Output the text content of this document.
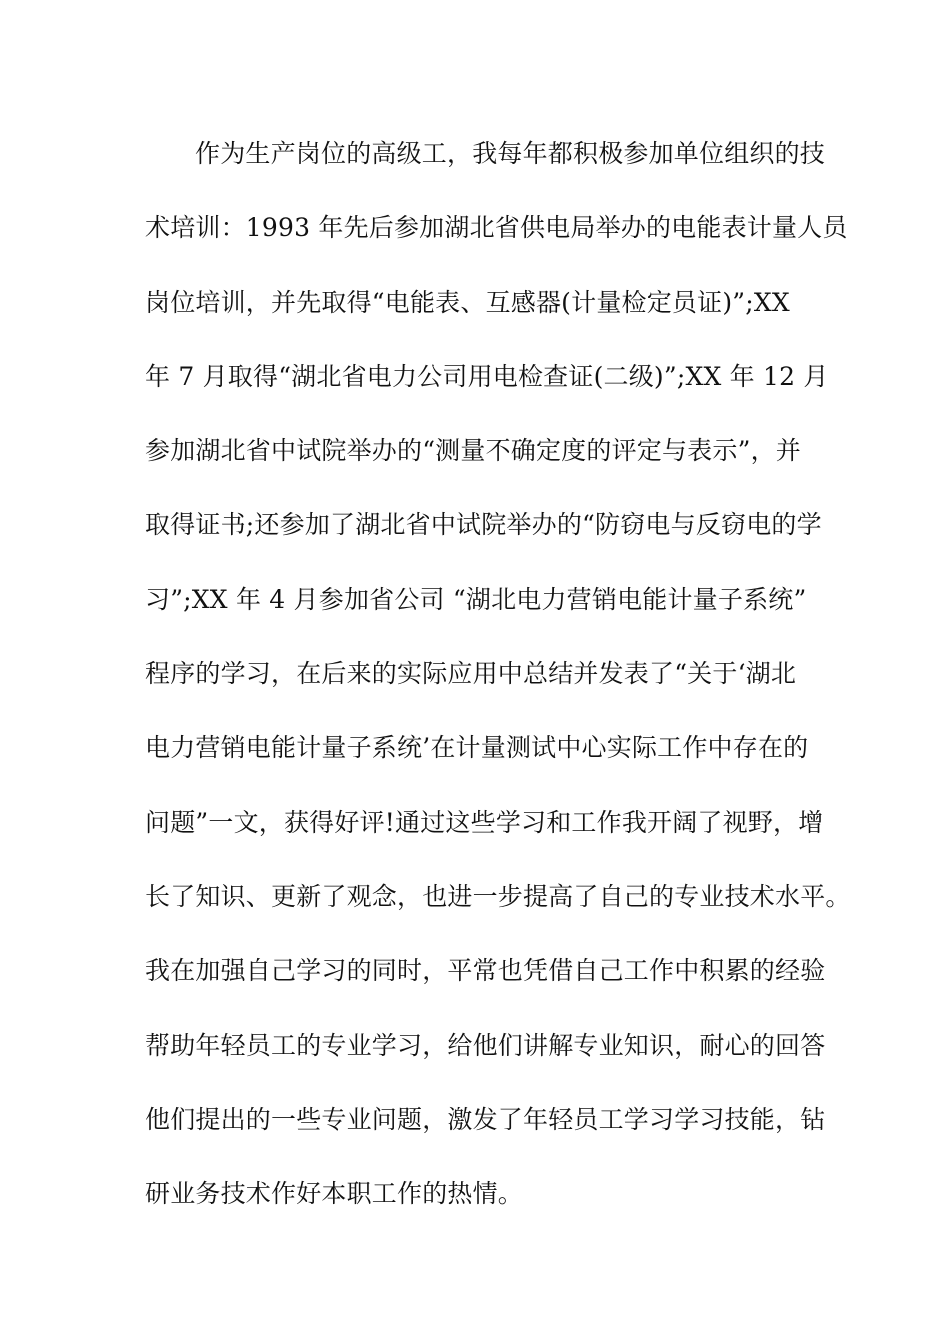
作为生产岗位的高级工，我每年都积极参加单位组织的技
术培训：1993 年先后参加湖北省供电局举办的电能表计量人员
岗位培训，并先取得“电能表、互感器(计量检定员证)”;XX
年 7 月取得“湖北省电力公司用电检查证(二级)”;XX 年 12 月
参加湖北省中试院举办的“测量不确定度的评定与表示”，并
取得证书;还参加了湖北省中试院举办的“防窃电与反窃电的学
习”;XX 年 4 月参加省公司 “湖北电力营销电能计量子系统”
程序的学习，在后来的实际应用中总结并发表了“关于‘湖北
电力营销电能计量子系统’在计量测试中心实际工作中存在的
问题”一文，获得好评!通过这些学习和工作我开阔了视野，增
长了知识、更新了观念，也进一步提高了自己的专业技术水平。
我在加强自己学习的同时，平常也凭借自己工作中积累的经验
帮助年轻员工的专业学习，给他们讲解专业知识，耐心的回答
他们提出的一些专业问题，激发了年轻员工学习学习技能，钻
研业务技术作好本职工作的热情。
